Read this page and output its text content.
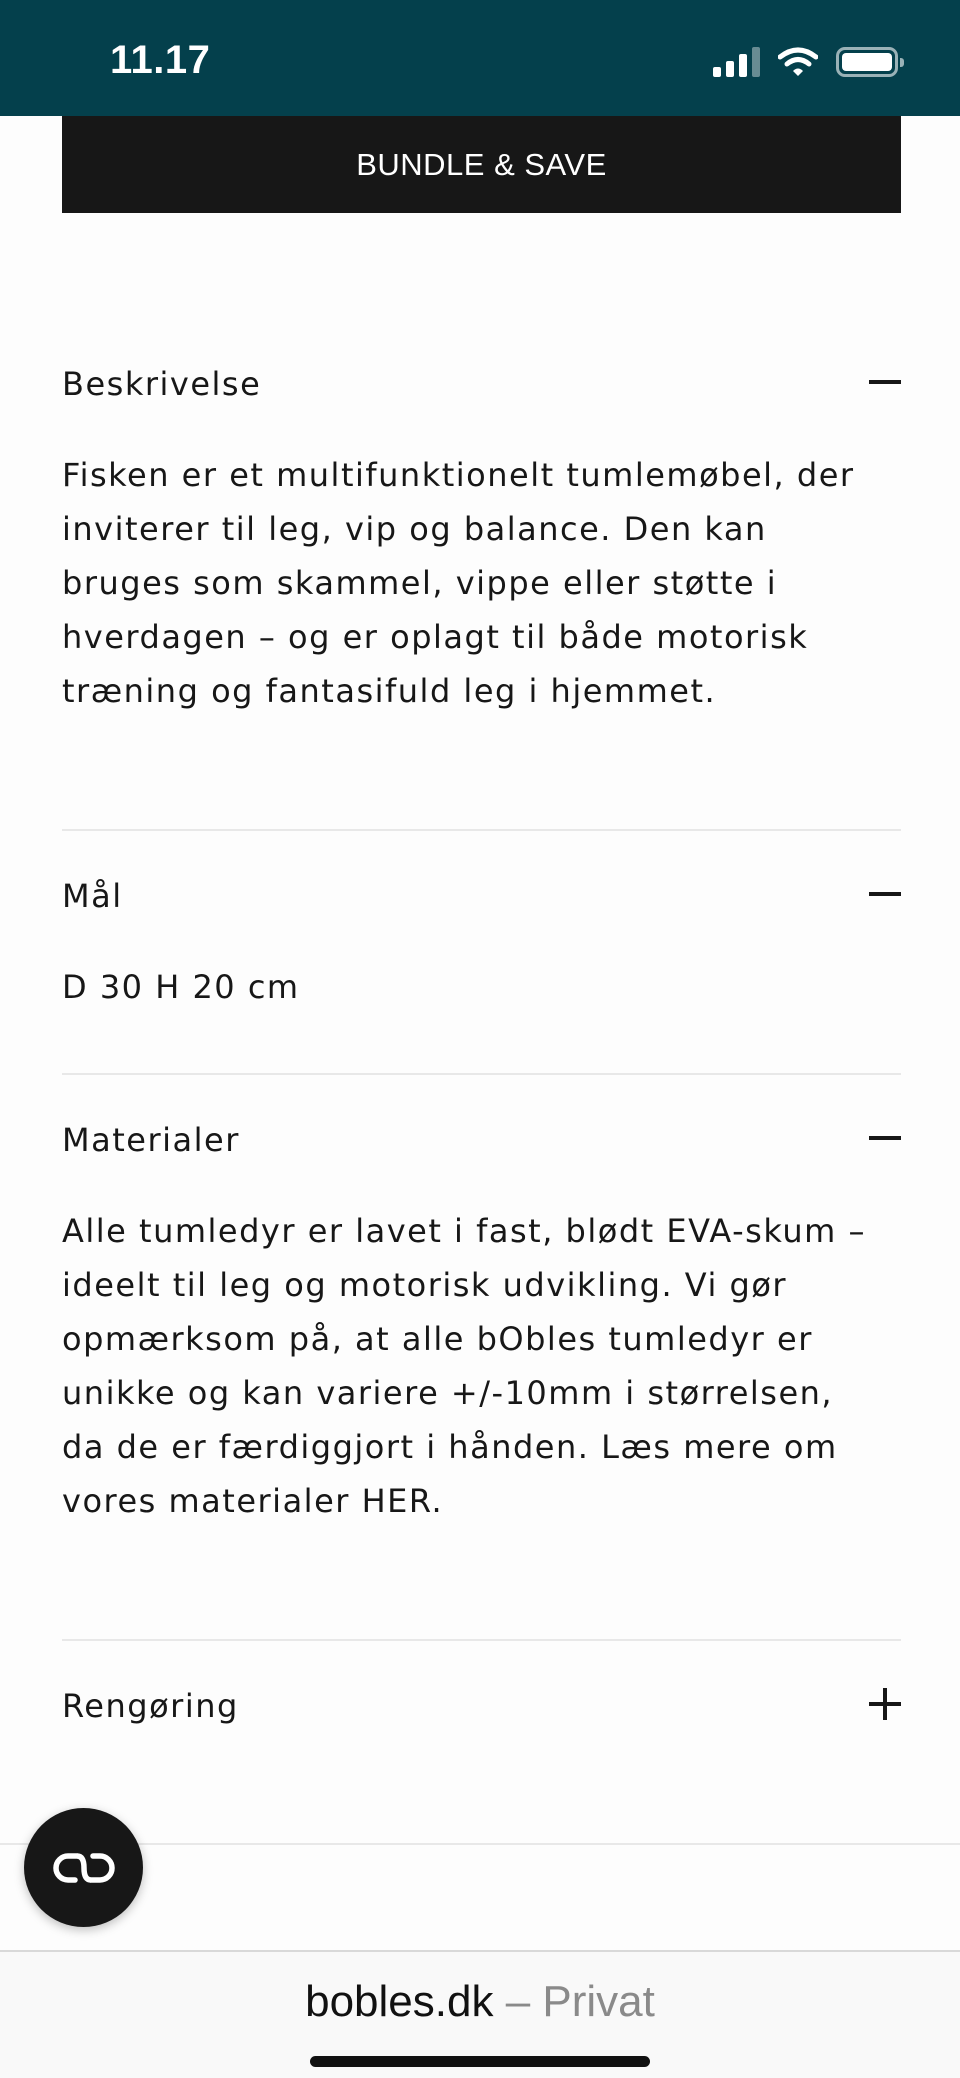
11.17
BUNDLE & SAVE
Beskrivelse
Fisken er et multifunktionelt tumlemøbel, der
inviterer til leg, vip og balance. Den kan
bruges som skammel, vippe eller støtte i
hverdagen – og er oplagt til både motorisk
træning og fantasifuld leg i hjemmet.
Mål
D 30 H 20 cm
Materialer
Alle tumledyr er lavet i fast, blødt EVA-skum –
ideelt til leg og motorisk udvikling. Vi gør
opmærksom på, at alle bObles tumledyr er
unikke og kan variere +/-10mm i størrelsen,
da de er færdiggjort i hånden. Læs mere om
vores materialer HER.
Rengøring
bobles.dk – Privat
